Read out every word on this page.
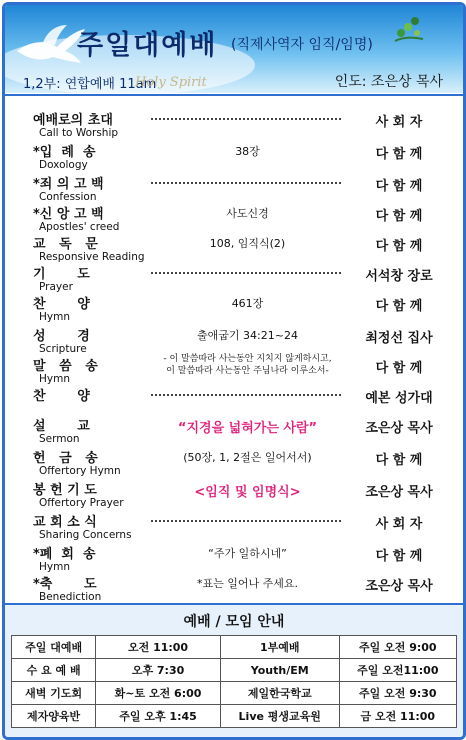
주일대예배 (직제사역자 임직/임명)
1,2부: 연합예배 11am
Holy Spirit	인도: 조은상 목사
예배로의 초대
Call to Worship
사 회 자
*입  례  송
Doxology
38장	다 함 께
*죄 의 고 백
Confession
다 함 께
*신 앙 고 백
Apostles' creed
사도신경	다 함 께
교   독   문
Responsive Reading
108, 임직식(2)	다 함 께
기       도
Prayer
서석창 장로
찬       양
Hymn
461장	다 함 께
성       경
Scripture
출애굽기 34:21~24	최정선 집사
말   씀   송
Hymn
- 이 말씀따라 사는동안 지치지 않게하시고,
이 말씀따라 사는동안 주님나라 이루소서-	다 함 께
찬       양	예본 성가대
설       교
Sermon
“지경을 넓혀가는 사람”	조은상 목사
헌   금   송
Offertory Hymn
(50장, 1, 2절은 일어서서)	다 함 께
봉 헌 기 도
Offertory Prayer
<임직 및 임명식>	조은상 목사
교 회 소 식
Sharing Concerns
사 회 자
*폐  회  송
Hymn
“주가 일하시네”	다 함 께
*축       도
Benediction
*표는 일어나 주세요.	조은상 목사
예배 / 모임 안내
주일 대예배	오전 11:00	1부예배	주일 오전 9:00
수 요 예 배	오후 7:30	Youth/EM	주일 오전11:00
새벽 기도회	화~토 오전 6:00	제일한국학교	주일 오전 9:30
제자양육반	주일 오후 1:45	Live 평생교육원	금 오전 11:00
